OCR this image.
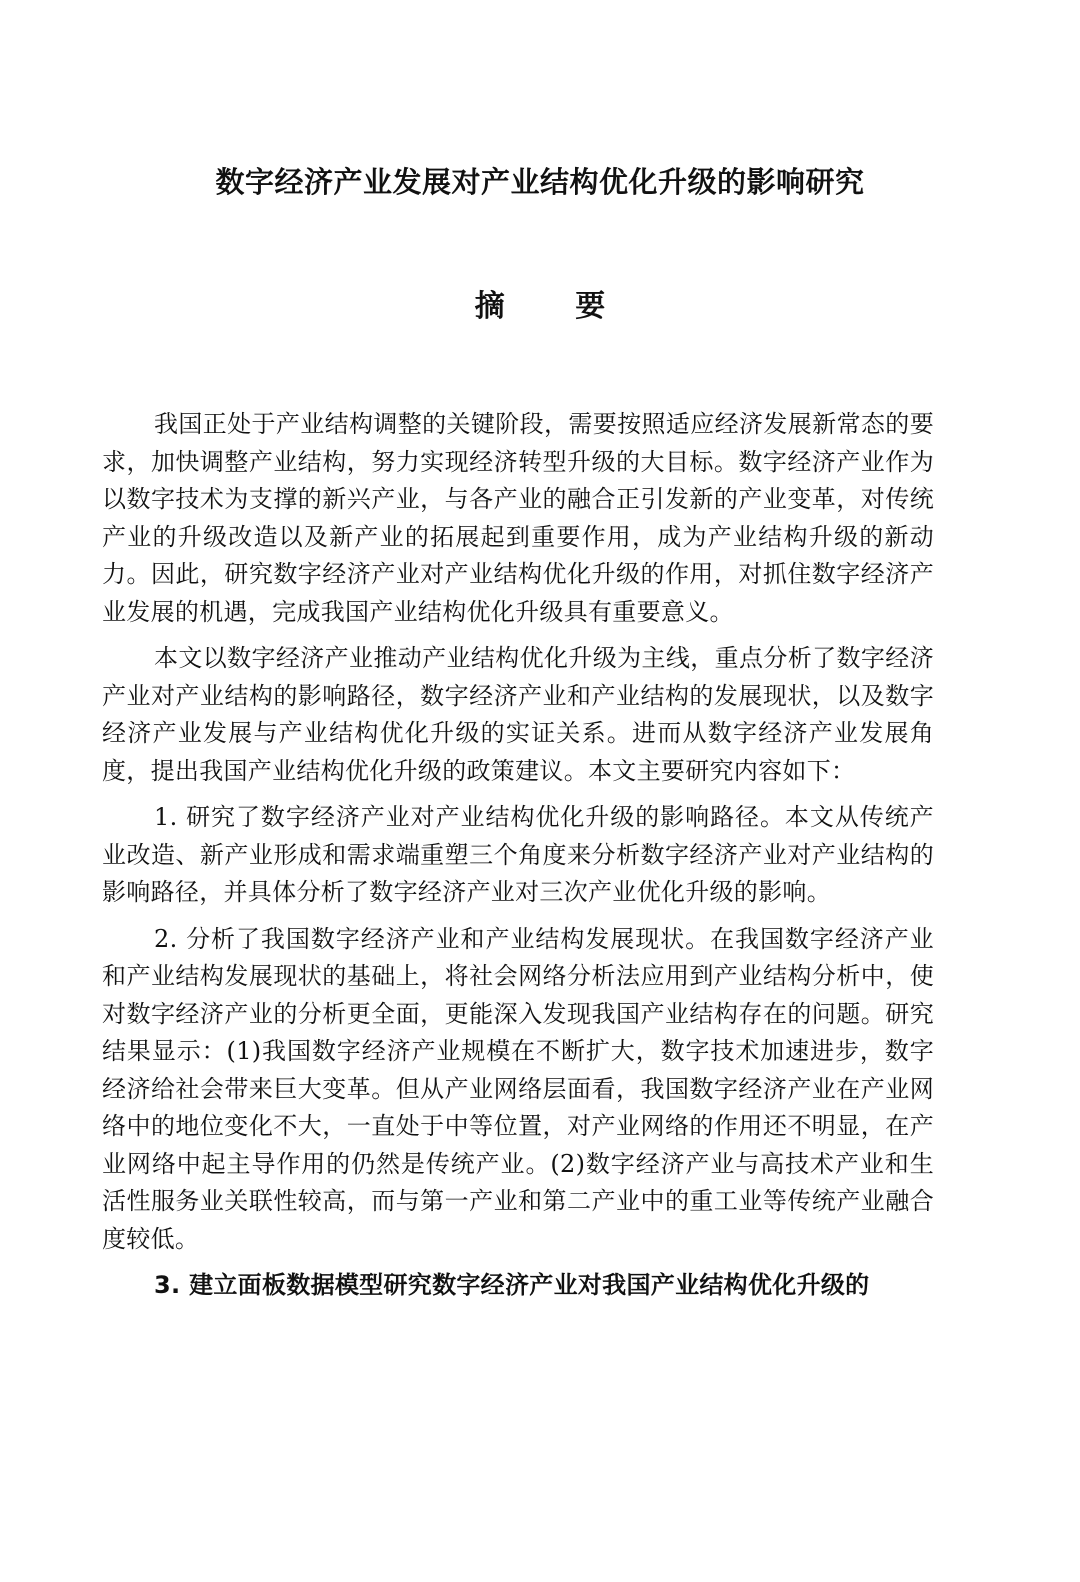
数字经济产业发展对产业结构优化升级的影响研究
摘 要

我国正处于产业结构调整的关键阶段，需要按照适应经济发展新常态的要求，加快调整产业结构，努力实现经济转型升级的大目标。数字经济产业作为以数字技术为支撑的新兴产业，与各产业的融合正引发新的产业变革，对传统产业的升级改造以及新产业的拓展起到重要作用，成为产业结构升级的新动力。因此，研究数字经济产业对产业结构优化升级的作用，对抓住数字经济产业发展的机遇，完成我国产业结构优化升级具有重要意义。

本文以数字经济产业推动产业结构优化升级为主线，重点分析了数字经济产业对产业结构的影响路径，数字经济产业和产业结构的发展现状，以及数字经济产业发展与产业结构优化升级的实证关系。进而从数字经济产业发展角度，提出我国产业结构优化升级的政策建议。本文主要研究内容如下：

1. 研究了数字经济产业对产业结构优化升级的影响路径。本文从传统产业改造、新产业形成和需求端重塑三个角度来分析数字经济产业对产业结构的影响路径，并具体分析了数字经济产业对三次产业优化升级的影响。

2. 分析了我国数字经济产业和产业结构发展现状。在我国数字经济产业和产业结构发展现状的基础上，将社会网络分析法应用到产业结构分析中，使对数字经济产业的分析更全面，更能深入发现我国产业结构存在的问题。研究结果显示：(1)我国数字经济产业规模在不断扩大，数字技术加速进步，数字经济给社会带来巨大变革。但从产业网络层面看，我国数字经济产业在产业网络中的地位变化不大，一直处于中等位置，对产业网络的作用还不明显，在产业网络中起主导作用的仍然是传统产业。(2)数字经济产业与高技术产业和生活性服务业关联性较高，而与第一产业和第二产业中的重工业等传统产业融合度较低。

3. 建立面板数据模型研究数字经济产业对我国产业结构优化升级的
